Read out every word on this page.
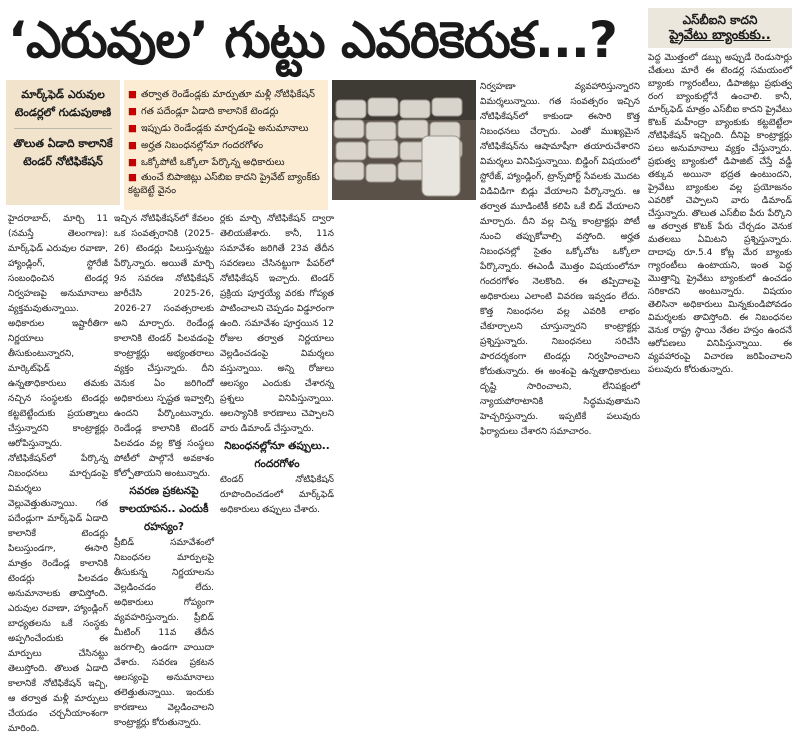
‘ఎరువుల’ గుట్టు ఎవరికెరుక...?
మార్క్‌ఫెడ్ ఎరువుల టెండర్లలో గుడుపుఠాణి
తొలుత ఏడాది కాలానికే టెండర్ నోటిఫికేషన్
■ తర్వాత రెండేండ్లకు మార్పుతూ మళ్లీ నోటిఫికేషన్
■ గత పదేండ్లూ ఏడాది కాలానికే టెండర్లు
■ ఇప్పుడు రెండేండ్లకు మార్చడంపై అనుమానాలు
■ అర్హత నిబంధనల్లోనూ గందరగోళం
■ ఒక్కోపోటీ ఒక్కోలా పేర్కొన్న అధికారులు
■ తుంచే బిపాజిట్లు ఎస్‌బిఐ కాదని ప్రైవేట్ బ్యాంక్‌కు కట్టబెట్టే వైనం
హైదరాబాద్, మార్చి 11 (నమస్తే తెలంగాణ): మార్క్‌ఫెడ్ ఎరువుల రవాణా, హ్యాండ్లింగ్, స్టోరేజీ సంబంధించిన టెండర్ల నిర్వహణపై అనుమానాలు వ్యక్తమవుతున్నాయి. అధికారుల ఇష్టారీతిగా నిర్ణయాలు తీసుకుంటున్నారని, మార్కెట్‌ఫెడ్ ఉన్నతాధికారులు తమకు నచ్చిన సంస్థలకు టెండర్లు కట్టబెట్టేందుకు ప్రయత్నాలు చేస్తున్నారని కాంట్రాక్టర్లు ఆరోపిస్తున్నారు. నోటిఫికేషన్‌లో పేర్కొన్న నిబంధనలు మార్చడంపై విమర్శలు వెల్లువెత్తుతున్నాయి. గత పదేండ్లుగా మార్క్‌ఫెడ్ ఏడాది కాలానికే టెండర్లు పిలుస్తుండగా, ఈసారి మాత్రం రెండేండ్ల కాలానికి టెండర్లు పిలవడం అనుమానాలకు తావిస్తోంది. ఎరువుల రవాణా, హ్యాండ్లింగ్ బాధ్యతలను ఒకే సంస్థకు అప్పగించేందుకు ఈ మార్పులు చేసినట్టు తెలుస్తోంది. తొలుత ఏడాది కాలానికే నోటిఫికేషన్ ఇచ్చి, ఆ తర్వాత మళ్లీ మార్పులు చేయడం చర్చనీయాంశంగా మారింది.
ఇచ్చిన నోటిఫికేషన్‌లో కేవలం ఒక సంవత్సరానికి (2025-26) టెండర్లు పిలుస్తున్నట్టు పేర్కొన్నారు. అయితే మార్చి 9న సవరణ నోటిఫికేషన్ జారీచేసి 2025-26, 2026-27 సంవత్సరాలకు అని మార్చారు. రెండేండ్ల కాలానికి టెండర్ పిలవడంపై కాంట్రాక్టర్లు అభ్యంతరాలు వ్యక్తం చేస్తున్నారు. దీని వెనుక ఏం జరిగిందో అధికారులు స్పష్టత ఇవ్వాల్సి ఉందని పేర్కొంటున్నారు. రెండేండ్ల కాలానికి టెండర్ పిలవడం వల్ల కొత్త సంస్థలు పోటీలో పాల్గొనే అవకాశం కోల్పోతాయని అంటున్నారు.
సవరణ ప్రకటనపై కాలయాపన.. ఎందుకీ రహస్యం?
ప్రీబిడ్ సమావేశంలో నిబంధనల మార్పులపై తీసుకున్న నిర్ణయాలను వెల్లడించడం లేదు. అధికారులు గోప్యంగా వ్యవహరిస్తున్నారు. ప్రీబిడ్ మీటింగ్ 11వ తేదీన జరగాల్సి ఉండగా వాయిదా వేశారు. సవరణ ప్రకటన ఆలస్యంపై అనుమానాలు తలెత్తుతున్నాయి. ఇందుకు కారణాలు వెల్లడించాలని కాంట్రాక్టర్లు కోరుతున్నారు.
ర్లకు మార్చి నోటిఫికేషన్ ద్వారా తెలియజేశారు. కానీ, 11న సమావేశం జరిగితే 23వ తేదీన సవరణలు చేసినట్టుగా పేపర్‌లో నోటిఫికేషన్ ఇచ్చారు. టెండర్ ప్రక్రియ పూర్తయ్యే వరకు గోప్యత పాటించాలని చెప్పడం విడ్డూరంగా ఉంది. సమావేశం పూర్తయిన 12 రోజుల తర్వాత నిర్ణయాలు వెల్లడించడంపై విమర్శలు వస్తున్నాయి. అన్ని రోజులు ఆలస్యం ఎందుకు చేశారన్న ప్రశ్నలు వినిపిస్తున్నాయి. ఆలస్యానికి కారణాలు చెప్పాలని వారు డిమాండ్ చేస్తున్నారు.
నిబంధనల్లోనూ తప్పులు.. గందరగోళం
టెండర్ నోటిఫికేషన్ రూపొందించడంలో మార్క్‌ఫెడ్ అధికారులు తప్పులు చేశారు.
నిర్వహణా వ్యవహారిస్తున్నారని విమర్శలున్నాయి. గత సంవత్సరం ఇచ్చిన నోటిఫికేషన్‌లో కాకుండా ఈసారి కొత్త నిబంధనలు చేర్చారు. ఎంతో ముఖ్యమైన నోటిఫికేషన్‌ను ఆషామాషీగా తయారుచేశారని విమర్శలు వినిపిస్తున్నాయి. బిడ్డింగ్ విషయంలో స్టోరేజ్, హ్యాండ్లింగ్, ట్రాన్స్‌పోర్ట్ సేవలకు మొదట విడివిడిగా బిడ్లు వేయాలని పేర్కొన్నారు. ఆ తర్వాత మూడింటికీ కలిపి ఒకే బిడ్ వేయాలని మార్చారు. దీని వల్ల చిన్న కాంట్రాక్టర్లు పోటీ నుంచి తప్పుకోవాల్సి వస్తోంది. అర్హత నిబంధనల్లో సైతం ఒక్కోచోట ఒక్కోలా పేర్కొన్నారు. ఈఎండీ మొత్తం విషయంలోనూ గందరగోళం నెలకొంది. ఈ తప్పిదాలపై అధికారులు ఎలాంటి వివరణ ఇవ్వడం లేదు. కొత్త నిబంధనల వల్ల ఎవరికి లాభం చేకూర్చాలని చూస్తున్నారని కాంట్రాక్టర్లు ప్రశ్నిస్తున్నారు. నిబంధనలు సరిచేసి పారదర్శకంగా టెండర్లు నిర్వహించాలని కోరుతున్నారు. ఈ అంశంపై ఉన్నతాధికారులు దృష్టి సారించాలని, లేనిపక్షంలో న్యాయపోరాటానికి సిద్ధమవుతామని హెచ్చరిస్తున్నారు. ఇప్పటికే పలువురు ఫిర్యాదులు చేశారని సమాచారం.
ఎస్‌బీఐని కాదని
ప్రైవేటు బ్యాంకుకు..
పెద్ద మొత్తంలో డబ్బు అప్పుడే రెండుసార్లు చేతులు మారే ఈ టెండర్ల సమయంలో బ్యాంకు గ్యారంటీలు, డిపాజిట్లు ప్రభుత్వ రంగ బ్యాంకుల్లోనే ఉంచాలి. కానీ, మార్క్‌ఫెడ్ మాత్రం ఎస్‌బీఐ కాదని ప్రైవేటు కొటక్ మహీంద్రా బ్యాంకుకు కట్టబెట్టేలా నోటిఫికేషన్ ఇచ్చింది. దీనిపై కాంట్రాక్టర్లు పలు అనుమానాలు వ్యక్తం చేస్తున్నారు. ప్రభుత్వ బ్యాంకులో డిపాజిట్ చేస్తే వడ్డీ తక్కువ అయినా భద్రత ఉంటుందని, ప్రైవేటు బ్యాంకుల వల్ల ప్రయోజనం ఎవరికో చెప్పాలని వారు డిమాండ్ చేస్తున్నారు. తొలుత ఎస్‌బీఐ పేరు పేర్కొని ఆ తర్వాత కొటక్ పేరు చేర్చడం వెనుక మతలబు ఏమిటని ప్రశ్నిస్తున్నారు. దాదాపు రూ.5.4 కోట్ల మేర బ్యాంకు గ్యారంటీలు ఉంటాయని, ఇంత పెద్ద మొత్తాన్ని ప్రైవేటు బ్యాంకులో ఉంచడం సరికాదని అంటున్నారు. విషయం తెలిసినా అధికారులు మిన్నకుండిపోవడం విమర్శలకు తావిస్తోంది. ఈ నిబంధనల వెనుక రాష్ట్ర స్థాయి నేతల హస్తం ఉందనే ఆరోపణలు వినిపిస్తున్నాయి. ఈ వ్యవహారంపై విచారణ జరిపించాలని పలువురు కోరుతున్నారు.
